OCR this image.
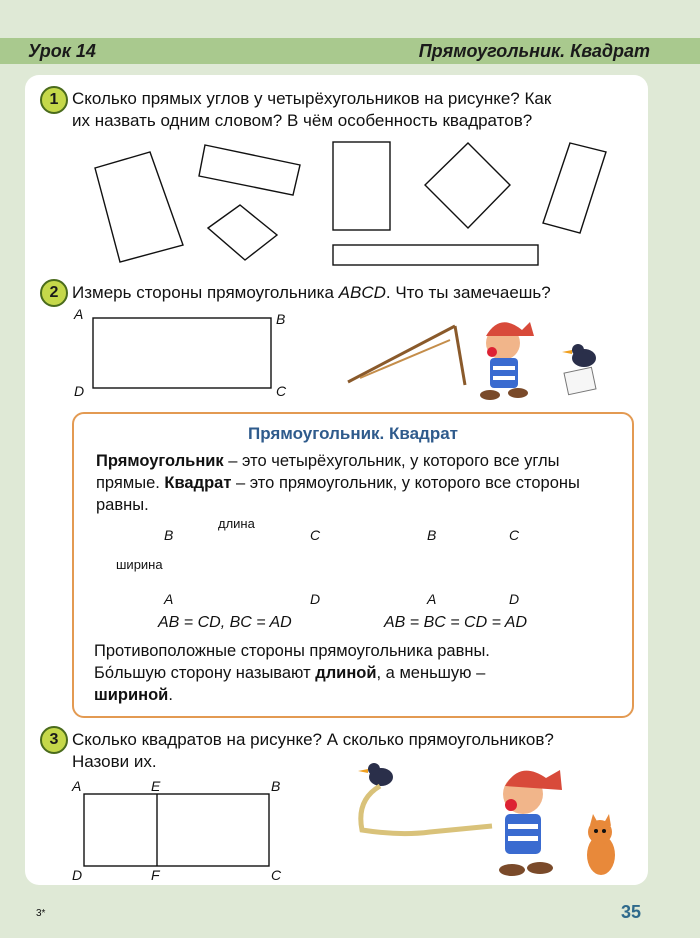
Урок 14	Прямоугольник. Квадрат
1 Сколько прямых углов у четырёхугольников на рисунке? Как
их назвать одним словом? В чём особенность квадратов?
A	B
C
D
2 Измерь стороны прямоугольника ABCD. Что ты замечаешь?
Прямоугольник. Квадрат
Прямоугольник – это четырёхугольник, у которого все углы прямые. Квадрат – это прямоугольник, у которого все стороны равны.
длина
ширина
B	C
A	D
B	C
A	D
AB = CD, BC = AD	AB = BC = CD = AD
Противоположные стороны прямоугольника равны.
Бо́льшую сторону называют длиной, а меньшую –
шириной.
3 Сколько квадратов на рисунке? А сколько прямоугольников?
Назови их.
A	E	B
D	F	C
3*	35
